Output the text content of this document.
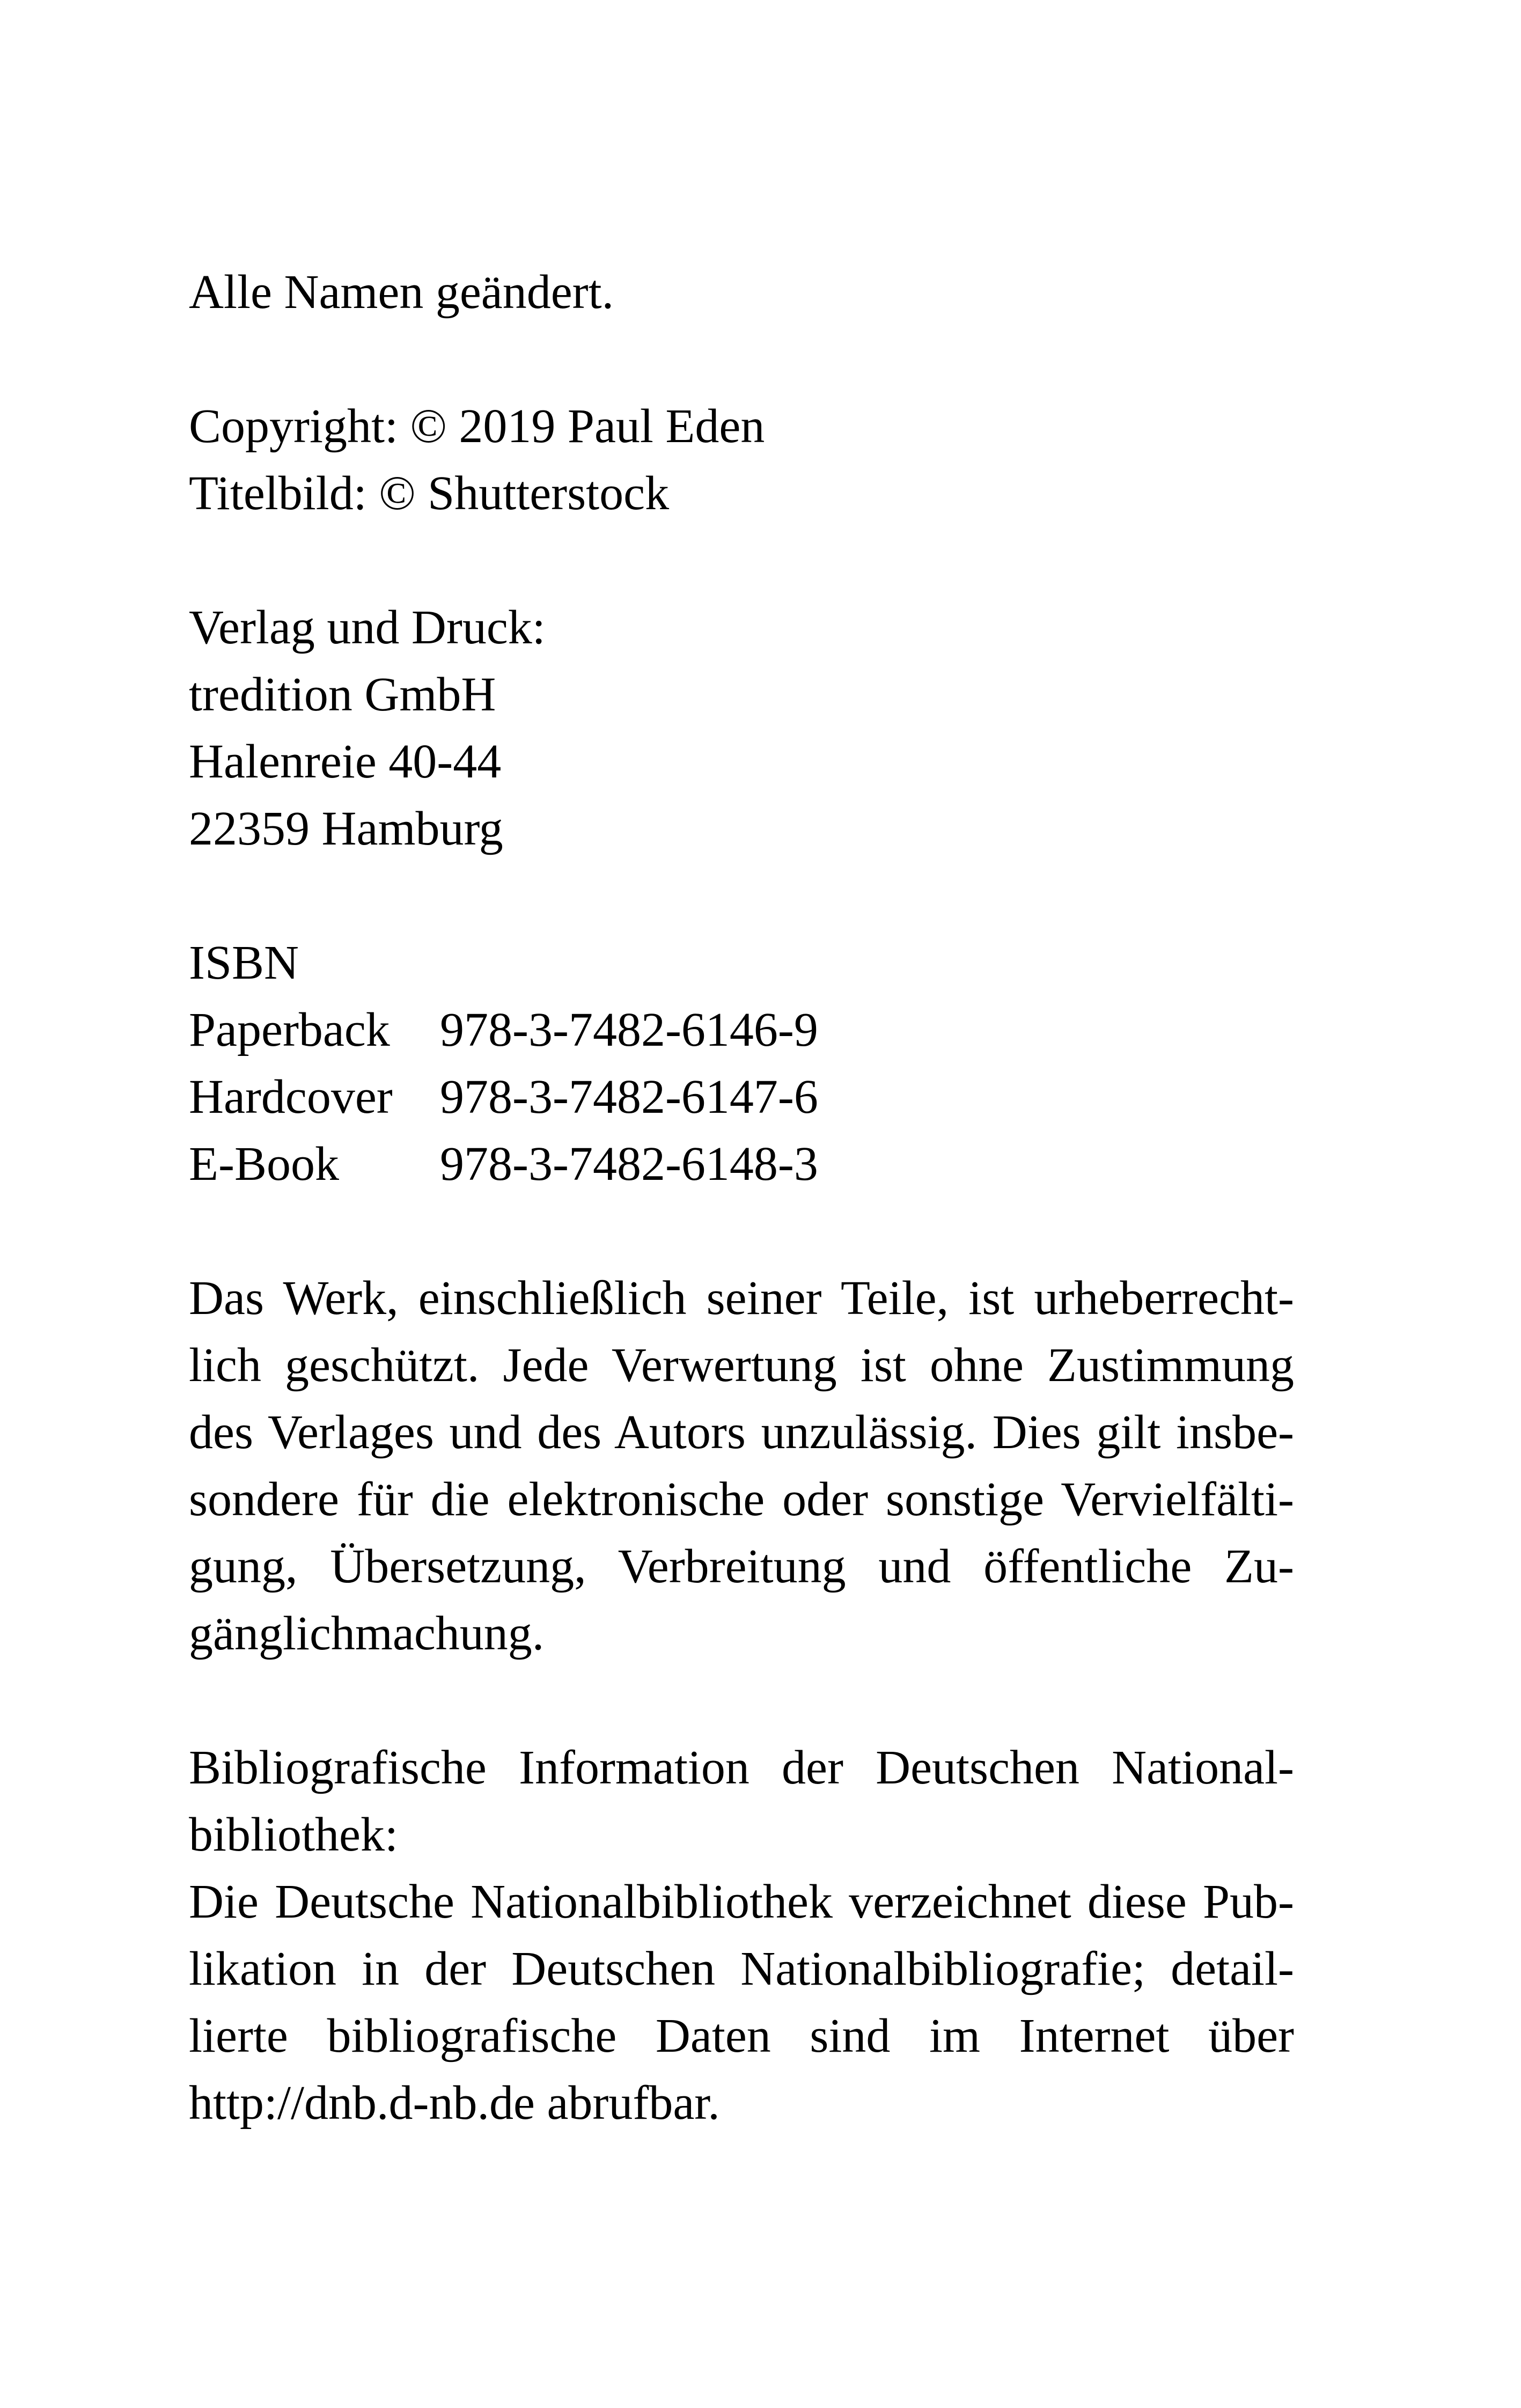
Alle Namen geändert.
Copyright: © 2019 Paul Eden
Titelbild: © Shutterstock
Verlag und Druck:
tredition GmbH
Halenreie 40-44
22359 Hamburg
ISBN
Paperback 978-3-7482-6146-9
Hardcover 978-3-7482-6147-6
E-Book 978-3-7482-6148-3
Das Werk, einschließlich seiner Teile, ist urheberrecht-
lich geschützt. Jede Verwertung ist ohne Zustimmung
des Verlages und des Autors unzulässig. Dies gilt insbe-
sondere für die elektronische oder sonstige Vervielfälti-
gung, Übersetzung, Verbreitung und öffentliche Zu-
gänglichmachung.
Bibliografische Information der Deutschen National-
bibliothek:
Die Deutsche Nationalbibliothek verzeichnet diese Pub-
likation in der Deutschen Nationalbibliografie; detail-
lierte bibliografische Daten sind im Internet über
http://dnb.d-nb.de abrufbar.
